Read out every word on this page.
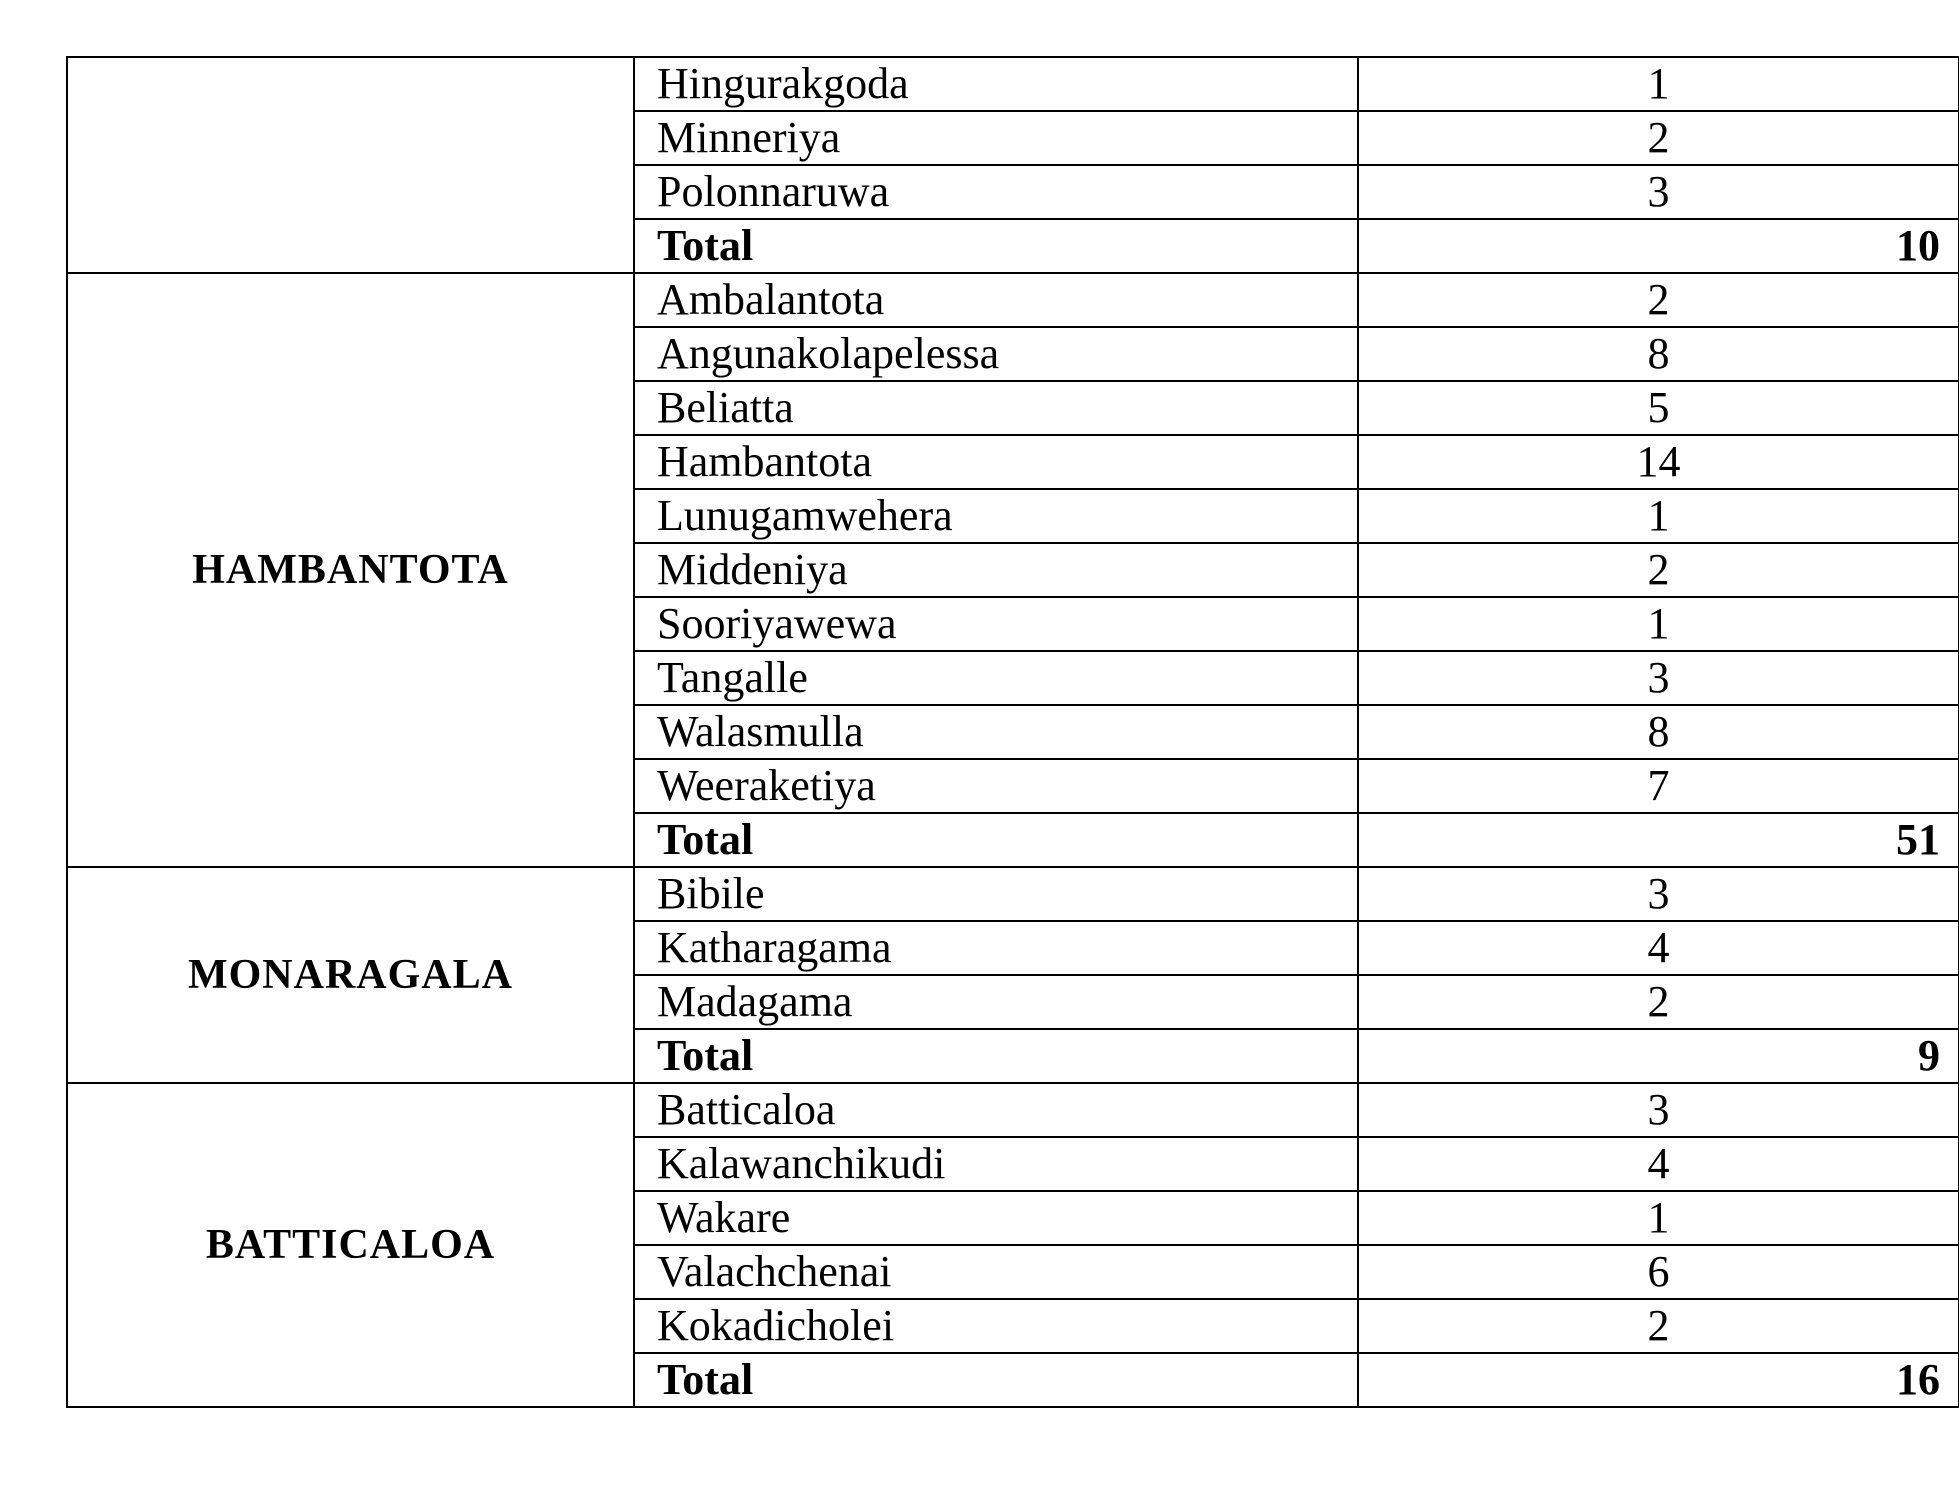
	Hingurakgoda	1
	Minneriya	2
	Polonnaruwa	3
	Total	10
HAMBANTOTA	Ambalantota	2
	Angunakolapelessa	8
	Beliatta	5
	Hambantota	14
	Lunugamwehera	1
	Middeniya	2
	Sooriyawewa	1
	Tangalle	3
	Walasmulla	8
	Weeraketiya	7
	Total	51
MONARAGALA	Bibile	3
	Katharagama	4
	Madagama	2
	Total	9
BATTICALOA	Batticaloa	3
	Kalawanchikudi	4
	Wakare	1
	Valachchenai	6
	Kokadicholei	2
	Total	16
